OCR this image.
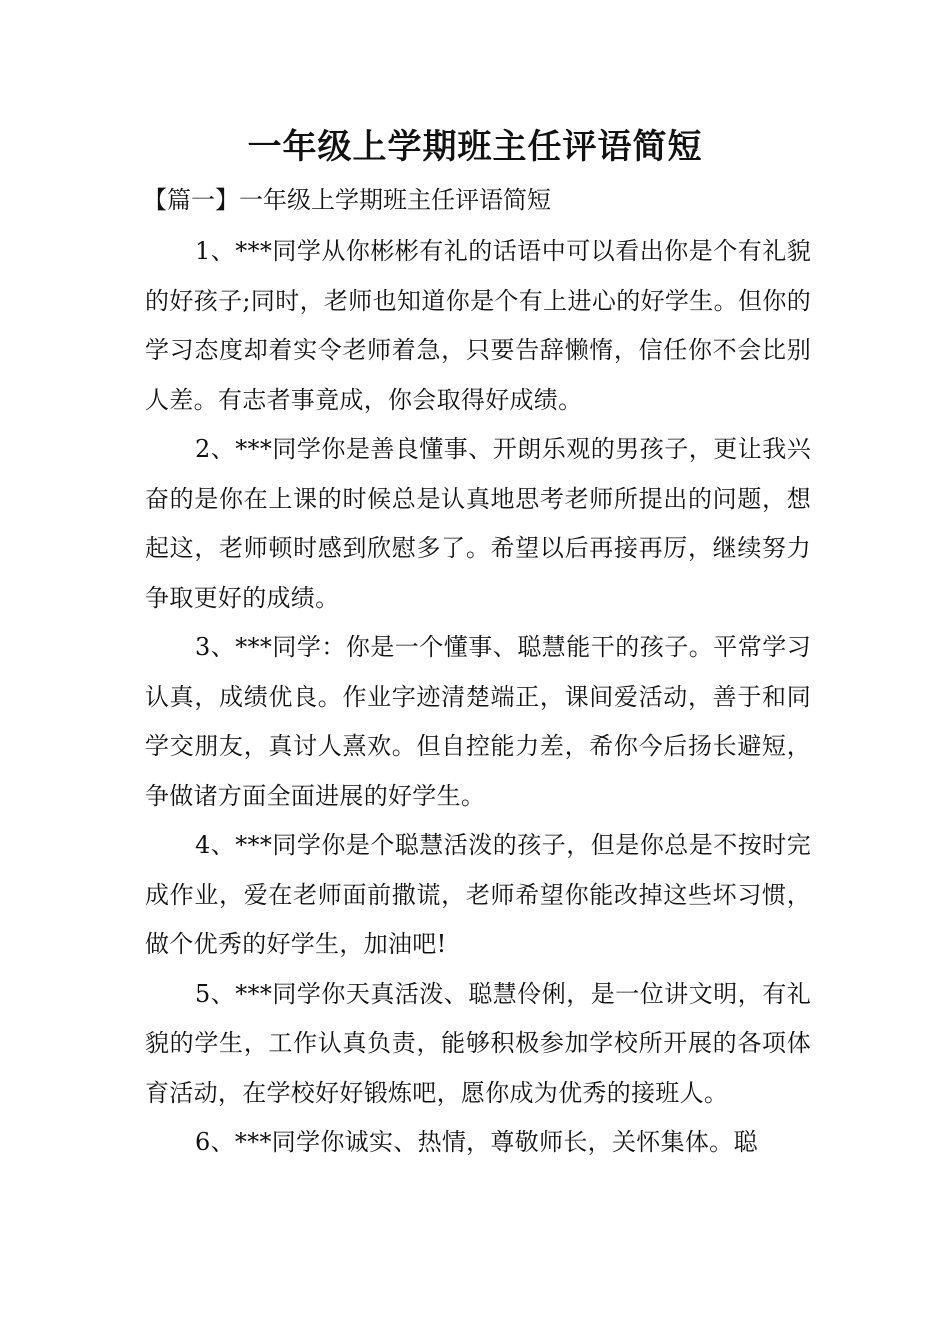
一年级上学期班主任评语简短

【篇一】一年级上学期班主任评语简短

1、***同学从你彬彬有礼的话语中可以看出你是个有礼貌的好孩子;同时，老师也知道你是个有上进心的好学生。但你的学习态度却着实令老师着急，只要告辞懒惰，信任你不会比别人差。有志者事竟成，你会取得好成绩。

2、***同学你是善良懂事、开朗乐观的男孩子，更让我兴奋的是你在上课的时候总是认真地思考老师所提出的问题，想起这，老师顿时感到欣慰多了。希望以后再接再厉，继续努力争取更好的成绩。

3、***同学：你是一个懂事、聪慧能干的孩子。平常学习认真，成绩优良。作业字迹清楚端正，课间爱活动，善于和同学交朋友，真讨人熹欢。但自控能力差，希你今后扬长避短，争做诸方面全面进展的好学生。

4、***同学你是个聪慧活泼的孩子，但是你总是不按时完成作业，爱在老师面前撒谎，老师希望你能改掉这些坏习惯，做个优秀的好学生，加油吧!

5、***同学你天真活泼、聪慧伶俐，是一位讲文明，有礼貌的学生，工作认真负责，能够积极参加学校所开展的各项体育活动，在学校好好锻炼吧，愿你成为优秀的接班人。

6、***同学你诚实、热情，尊敬师长，关怀集体。聪
